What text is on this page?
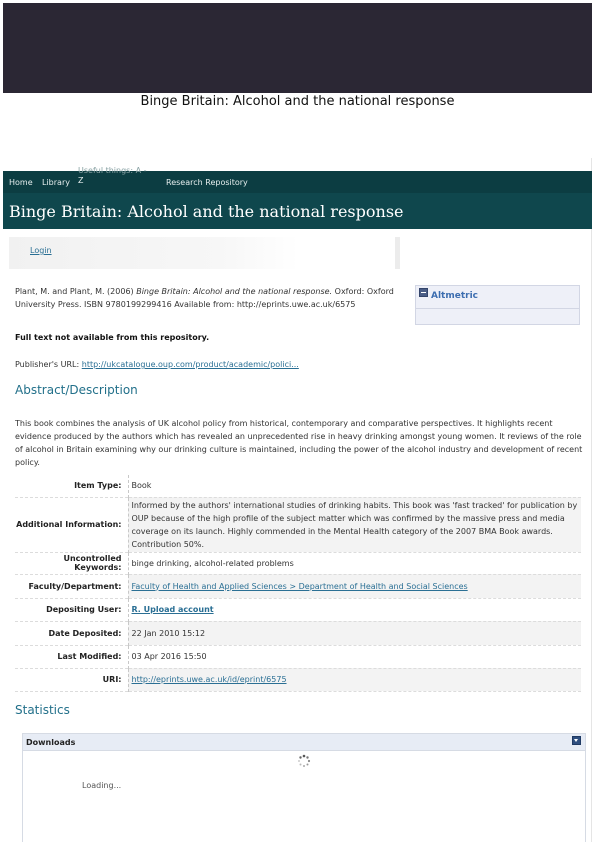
Binge Britain: Alcohol and the national response
Home Library
Useful things: A -
Z	Research Repository
Binge Britain: Alcohol and the national response
Login
Plant, M. and Plant, M. (2006) Binge Britain: Alcohol and the national response. Oxford: Oxford University Press. ISBN 9780199299416 Available from: http://eprints.uwe.ac.uk/6575
Altmetric
Full text not available from this repository.
Publisher's URL: http://ukcatalogue.oup.com/product/academic/polici...
Abstract/Description
This book combines the analysis of UK alcohol policy from historical, contemporary and comparative perspectives. It highlights recent evidence produced by the authors which has revealed an unprecedented rise in heavy drinking amongst young women. It reviews of the role of alcohol in Britain examining why our drinking culture is maintained, including the power of the alcohol industry and development of recent policy.
Item Type:	Book
Additional Information:	Informed by the authors' international studies of drinking habits. This book was 'fast tracked' for publication by OUP because of the high profile of the subject matter which was confirmed by the massive press and media coverage on its launch. Highly commended in the Mental Health category of the 2007 BMA Book awards. Contribution 50%.
Uncontrolled Keywords:	binge drinking, alcohol-related problems
Faculty/Department:	Faculty of Health and Applied Sciences > Department of Health and Social Sciences
Depositing User:	R. Upload account
Date Deposited:	22 Jan 2010 15:12
Last Modified:	03 Apr 2016 15:50
URI:	http://eprints.uwe.ac.uk/id/eprint/6575
Statistics
Downloads
Loading...
